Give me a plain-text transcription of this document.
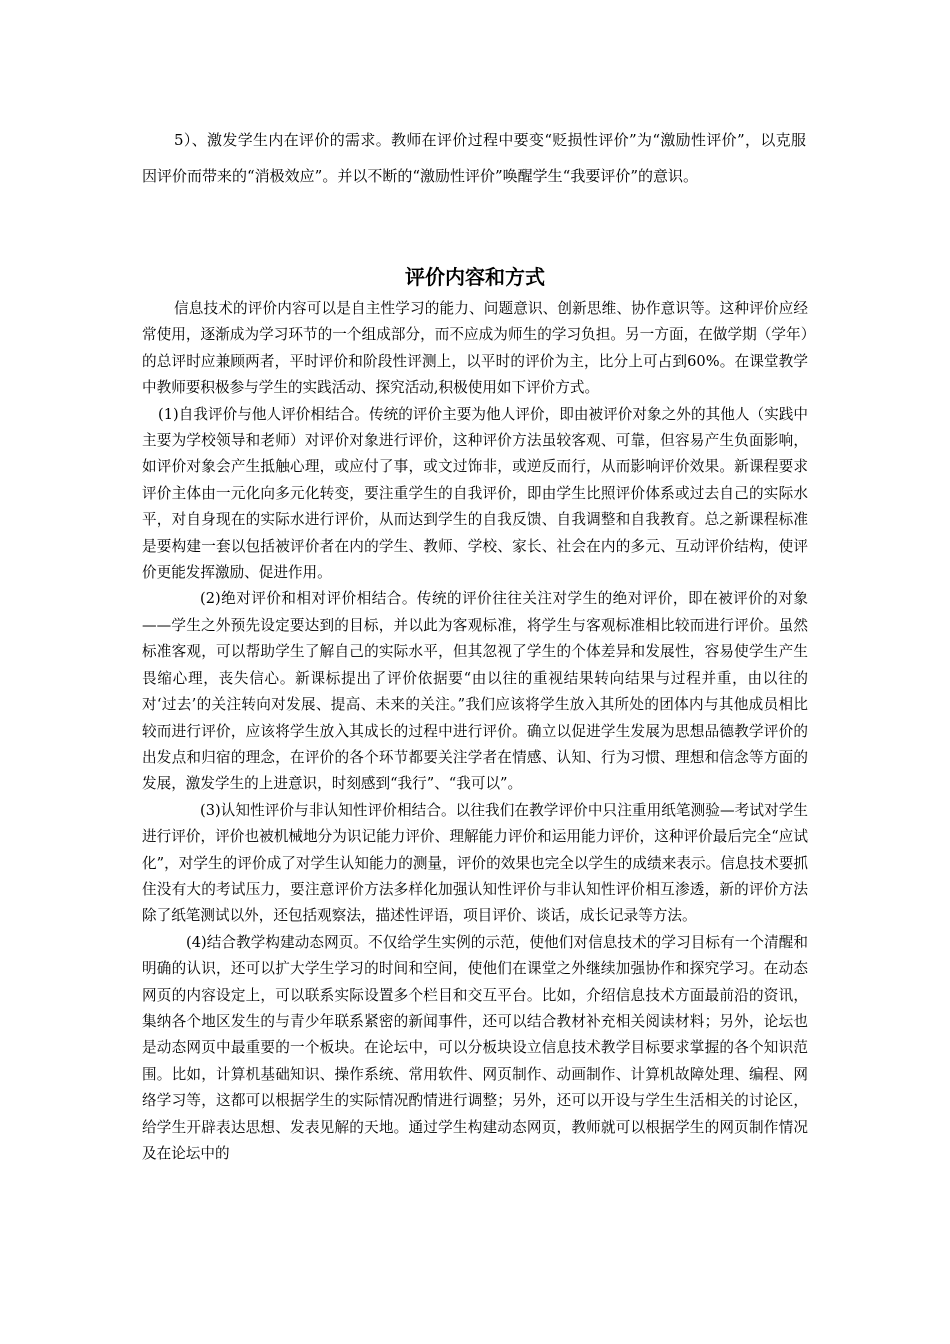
5）、激发学生内在评价的需求。教师在评价过程中要变“贬损性评价”为“激励性评价”，以克服因评价而带来的“消极效应”。并以不断的“激励性评价”唤醒学生“我要评价”的意识。

评价内容和方式

信息技术的评价内容可以是自主性学习的能力、问题意识、创新思维、协作意识等。这种评价应经常使用，逐渐成为学习环节的一个组成部分，而不应成为师生的学习负担。另一方面，在做学期（学年）的总评时应兼顾两者，平时评价和阶段性评测上，以平时的评价为主，比分上可占到60%。在课堂教学中教师要积极参与学生的实践活动、探究活动,积极使用如下评价方式。

(1)自我评价与他人评价相结合。传统的评价主要为他人评价，即由被评价对象之外的其他人（实践中主要为学校领导和老师）对评价对象进行评价，这种评价方法虽较客观、可靠，但容易产生负面影响，如评价对象会产生抵触心理，或应付了事，或文过饰非，或逆反而行，从而影响评价效果。新课程要求评价主体由一元化向多元化转变，要注重学生的自我评价，即由学生比照评价体系或过去自己的实际水平，对自身现在的实际水进行评价，从而达到学生的自我反馈、自我调整和自我教育。总之新课程标准是要构建一套以包括被评价者在内的学生、教师、学校、家长、社会在内的多元、互动评价结构，使评价更能发挥激励、促进作用。

(2)绝对评价和相对评价相结合。传统的评价往往关注对学生的绝对评价，即在被评价的对象——学生之外预先设定要达到的目标，并以此为客观标准，将学生与客观标准相比较而进行评价。虽然标准客观，可以帮助学生了解自己的实际水平，但其忽视了学生的个体差异和发展性，容易使学生产生畏缩心理，丧失信心。新课标提出了评价依据要“由以往的重视结果转向结果与过程并重，由以往的对‘过去’的关注转向对发展、提高、未来的关注。”我们应该将学生放入其所处的团体内与其他成员相比较而进行评价，应该将学生放入其成长的过程中进行评价。确立以促进学生发展为思想品德教学评价的出发点和归宿的理念，在评价的各个环节都要关注学者在情感、认知、行为习惯、理想和信念等方面的发展，激发学生的上进意识，时刻感到“我行”、“我可以”。

(3)认知性评价与非认知性评价相结合。以往我们在教学评价中只注重用纸笔测验—考试对学生进行评价，评价也被机械地分为识记能力评价、理解能力评价和运用能力评价，这种评价最后完全“应试化”，对学生的评价成了对学生认知能力的测量，评价的效果也完全以学生的成绩来表示。信息技术要抓住没有大的考试压力，要注意评价方法多样化加强认知性评价与非认知性评价相互渗透，新的评价方法除了纸笔测试以外，还包括观察法，描述性评语，项目评价、谈话，成长记录等方法。

(4)结合教学构建动态网页。不仅给学生实例的示范，使他们对信息技术的学习目标有一个清醒和明确的认识，还可以扩大学生学习的时间和空间，使他们在课堂之外继续加强协作和探究学习。在动态网页的内容设定上，可以联系实际设置多个栏目和交互平台。比如，介绍信息技术方面最前沿的资讯，集纳各个地区发生的与青少年联系紧密的新闻事件，还可以结合教材补充相关阅读材料；另外，论坛也是动态网页中最重要的一个板块。在论坛中，可以分板块设立信息技术教学目标要求掌握的各个知识范围。比如，计算机基础知识、操作系统、常用软件、网页制作、动画制作、计算机故障处理、编程、网络学习等，这都可以根据学生的实际情况酌情进行调整；另外，还可以开设与学生生活相关的讨论区，给学生开辟表达思想、发表见解的天地。通过学生构建动态网页，教师就可以根据学生的网页制作情况及在论坛中的
